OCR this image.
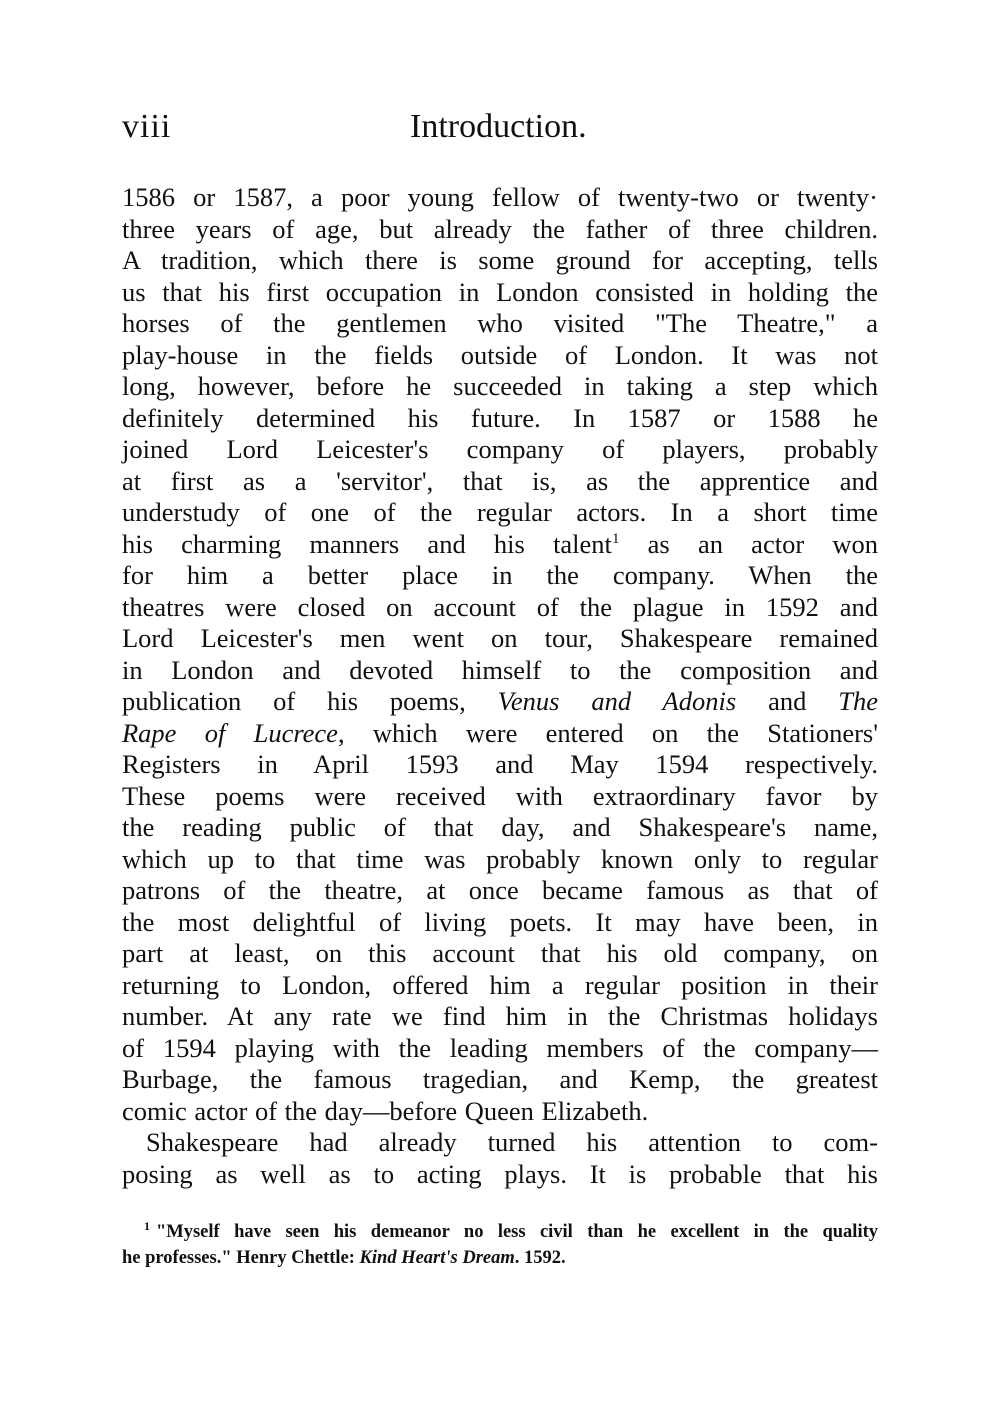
viii	Introduction.
1586 or 1587, a poor young fellow of twenty-two or twenty·
three years of age, but already the father of three children.
A tradition, which there is some ground for accepting, tells
us that his first occupation in London consisted in holding the
horses of the gentlemen who visited "The Theatre," a
play-house in the fields outside of London. It was not
long, however, before he succeeded in taking a step which
definitely determined his future. In 1587 or 1588 he
joined Lord Leicester's company of players, probably
at first as a 'servitor', that is, as the apprentice and
understudy of one of the regular actors. In a short time
his charming manners and his talent$^1$ as an actor won
for him a better place in the company. When the
theatres were closed on account of the plague in 1592 and
Lord Leicester's men went on tour, Shakespeare remained
in London and devoted himself to the composition and
publication of his poems, Venus and Adonis and The
Rape of Lucrece, which were entered on the Stationers'
Registers in April 1593 and May 1594 respectively.
These poems were received with extraordinary favor by
the reading public of that day, and Shakespeare's name,
which up to that time was probably known only to regular
patrons of the theatre, at once became famous as that of
the most delightful of living poets. It may have been, in
part at least, on this account that his old company, on
returning to London, offered him a regular position in their
number. At any rate we find him in the Christmas holidays
of 1594 playing with the leading members of the company—
Burbage, the famous tragedian, and Kemp, the greatest
comic actor of the day—before Queen Elizabeth.
Shakespeare had already turned his attention to com-
posing as well as to acting plays. It is probable that his
$^1$ "Myself have seen his demeanor no less civil than he excellent in the quality
he professes." Henry Chettle: Kind Heart's Dream. 1592.
